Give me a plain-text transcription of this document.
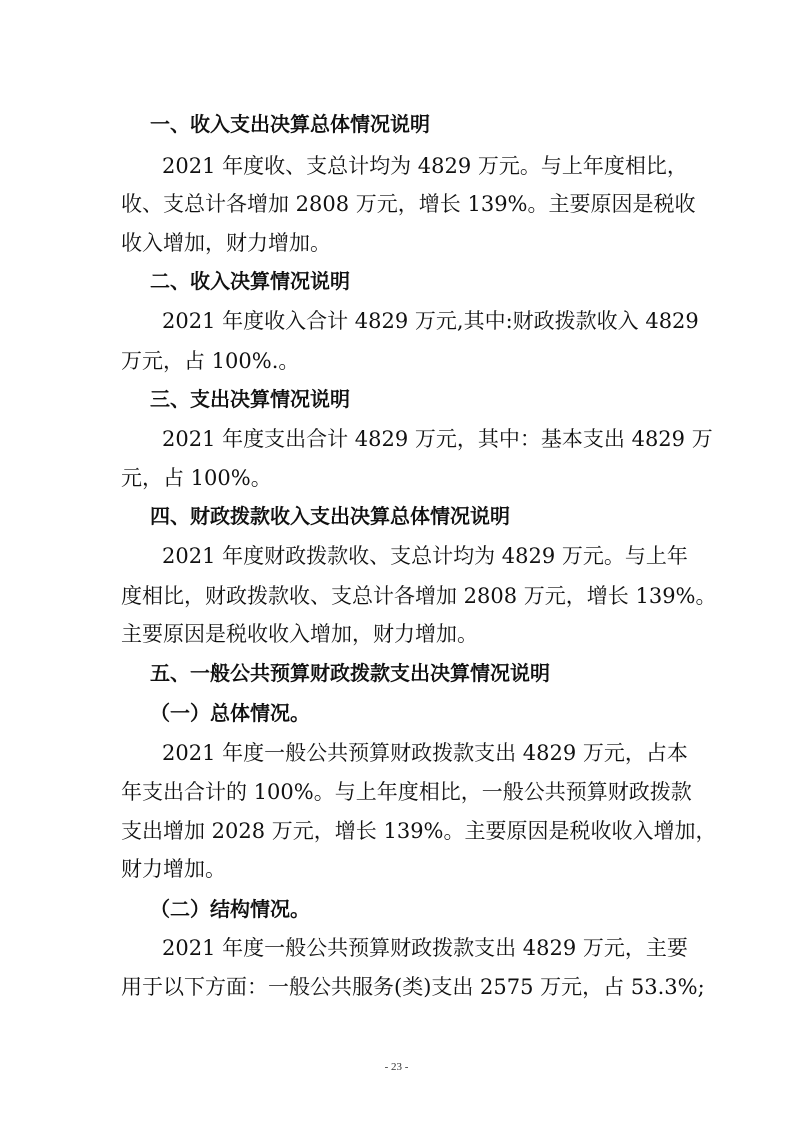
一、收入支出决算总体情况说明
2021 年度收、支总计均为 4829 万元。与上年度相比，
收、支总计各增加 2808 万元，增长 139%。主要原因是税收
收入增加，财力增加。
二、收入决算情况说明
2021 年度收入合计 4829 万元,其中:财政拨款收入 4829
万元，占 100%.。
三、支出决算情况说明
2021 年度支出合计 4829 万元，其中：基本支出 4829 万
元，占 100%。
四、财政拨款收入支出决算总体情况说明
2021 年度财政拨款收、支总计均为 4829 万元。与上年
度相比，财政拨款收、支总计各增加 2808 万元，增长 139%。
主要原因是税收收入增加，财力增加。
五、一般公共预算财政拨款支出决算情况说明
（一）总体情况。
2021 年度一般公共预算财政拨款支出 4829 万元，占本
年支出合计的 100%。与上年度相比，一般公共预算财政拨款
支出增加 2028 万元，增长 139%。主要原因是税收收入增加，
财力增加。
（二）结构情况。
2021 年度一般公共预算财政拨款支出 4829 万元，主要
用于以下方面：一般公共服务(类)支出 2575 万元，占 53.3%;
- 23 -
